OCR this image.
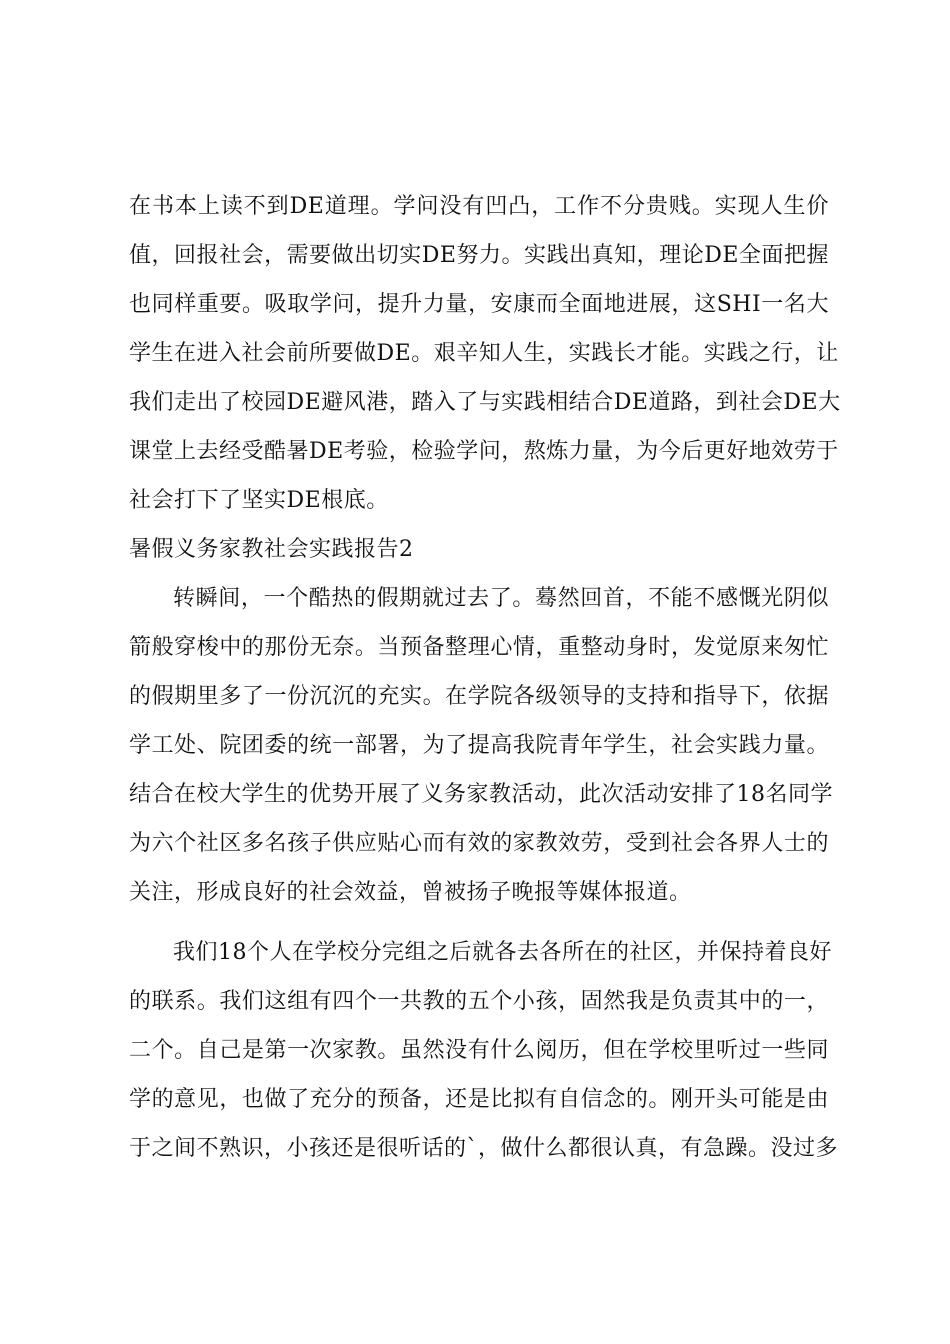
在书本上读不到DE道理。学问没有凹凸，工作不分贵贱。实现人生价
值，回报社会，需要做出切实DE努力。实践出真知，理论DE全面把握
也同样重要。吸取学问，提升力量，安康而全面地进展，这SHI一名大
学生在进入社会前所要做DE。艰辛知人生，实践长才能。实践之行，让
我们走出了校园DE避风港，踏入了与实践相结合DE道路，到社会DE大
课堂上去经受酷暑DE考验，检验学问，熬炼力量，为今后更好地效劳于
社会打下了坚实DE根底。
暑假义务家教社会实践报告2
转瞬间，一个酷热的假期就过去了。蓦然回首，不能不感慨光阴似
箭般穿梭中的那份无奈。当预备整理心情，重整动身时，发觉原来匆忙
的假期里多了一份沉沉的充实。在学院各级领导的支持和指导下，依据
学工处、院团委的统一部署，为了提高我院青年学生，社会实践力量。
结合在校大学生的优势开展了义务家教活动，此次活动安排了18名同学
为六个社区多名孩子供应贴心而有效的家教效劳，受到社会各界人士的
关注，形成良好的社会效益，曾被扬子晚报等媒体报道。
我们18个人在学校分完组之后就各去各所在的社区，并保持着良好
的联系。我们这组有四个一共教的五个小孩，固然我是负责其中的一，
二个。自己是第一次家教。虽然没有什么阅历，但在学校里听过一些同
学的意见，也做了充分的预备，还是比拟有自信念的。刚开头可能是由
于之间不熟识，小孩还是很听话的`，做什么都很认真，有急躁。没过多
